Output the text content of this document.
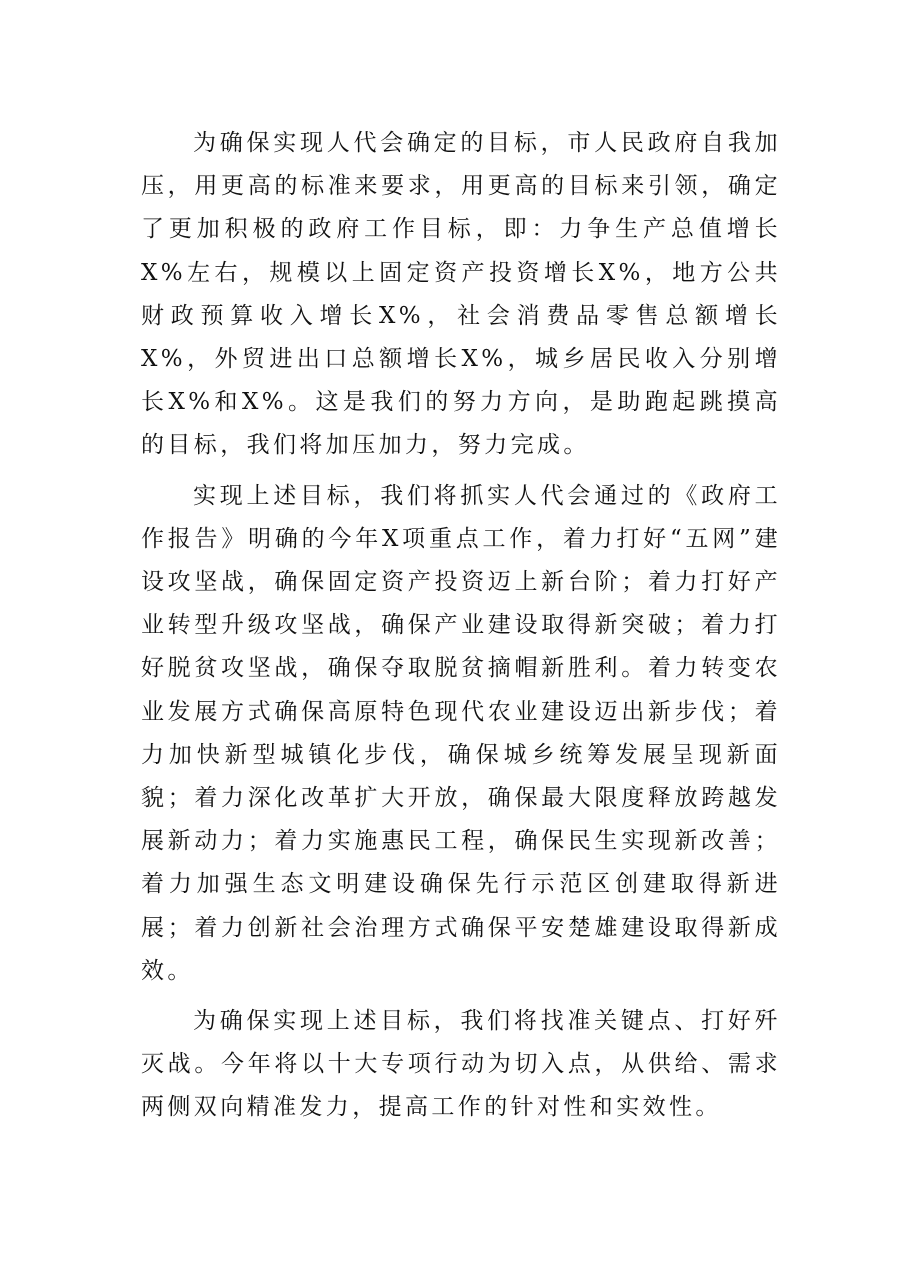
为确保实现人代会确定的目标，市人民政府自我加压，用更高的标准来要求，用更高的目标来引领，确定了更加积极的政府工作目标，即：力争生产总值增长X%左右，规模以上固定资产投资增长X%，地方公共财政预算收入增长X%，社会消费品零售总额增长X%，外贸进出口总额增长X%，城乡居民收入分别增长X%和X%。这是我们的努力方向，是助跑起跳摸高的目标，我们将加压加力，努力完成。

实现上述目标，我们将抓实人代会通过的《政府工作报告》明确的今年X项重点工作，着力打好“五网”建设攻坚战，确保固定资产投资迈上新台阶；着力打好产业转型升级攻坚战，确保产业建设取得新突破；着力打好脱贫攻坚战，确保夺取脱贫摘帽新胜利。着力转变农业发展方式确保高原特色现代农业建设迈出新步伐；着力加快新型城镇化步伐，确保城乡统筹发展呈现新面貌；着力深化改革扩大开放，确保最大限度释放跨越发展新动力；着力实施惠民工程，确保民生实现新改善；着力加强生态文明建设确保先行示范区创建取得新进展；着力创新社会治理方式确保平安楚雄建设取得新成效。

为确保实现上述目标，我们将找准关键点、打好歼灭战。今年将以十大专项行动为切入点，从供给、需求两侧双向精准发力，提高工作的针对性和实效性。
